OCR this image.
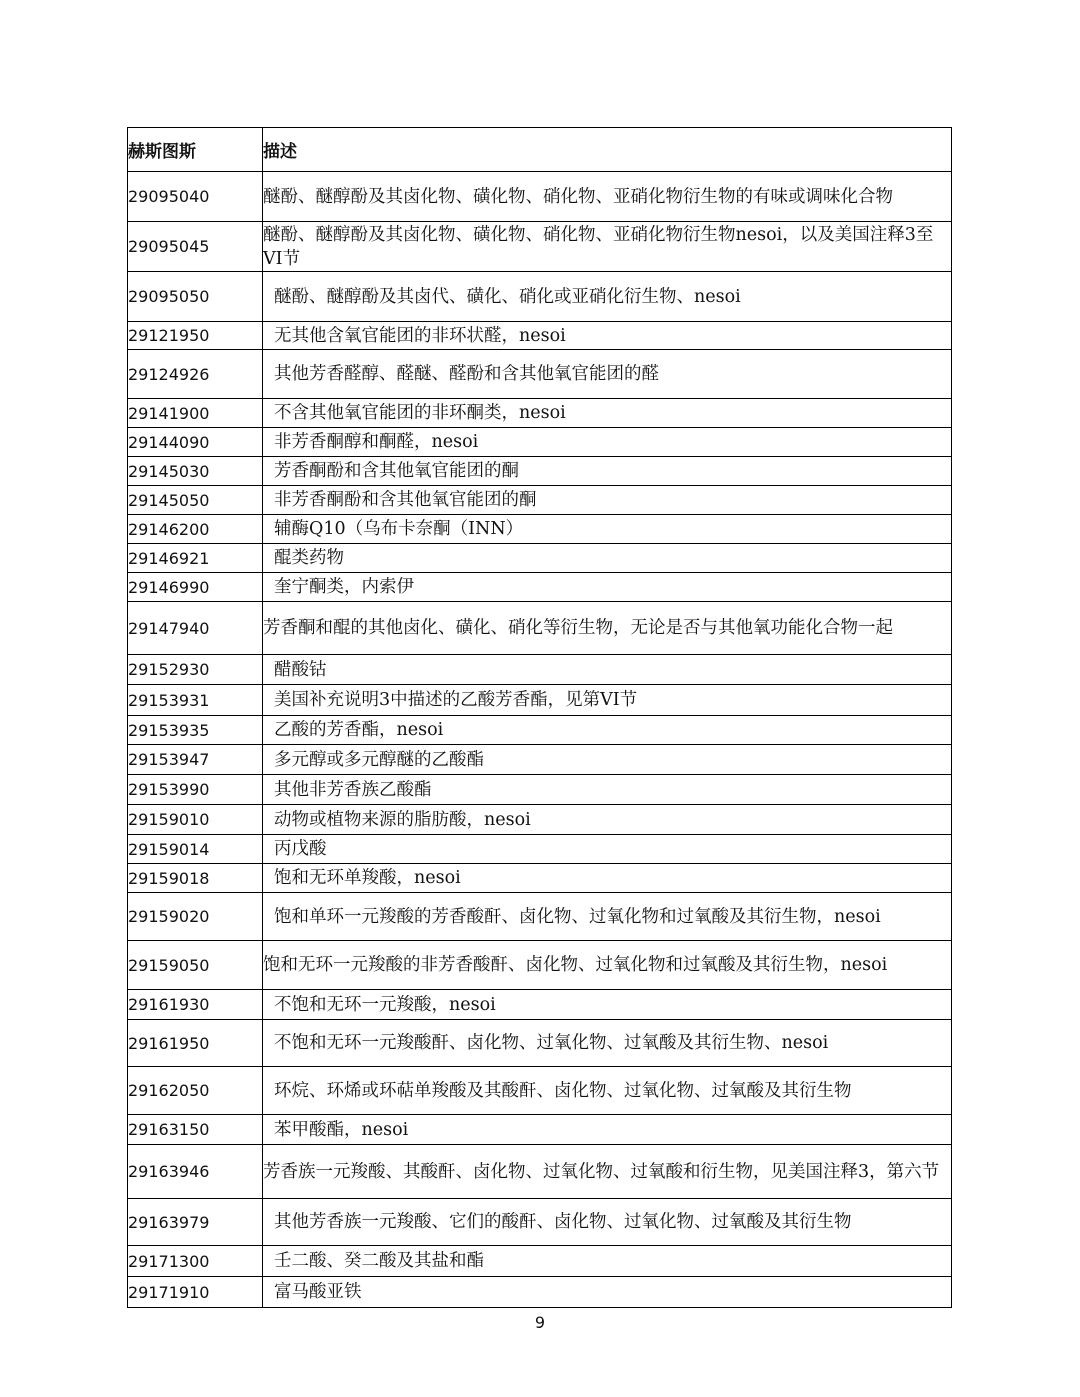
赫斯图斯	描述
29095040	醚酚、醚醇酚及其卤化物、磺化物、硝化物、亚硝化物衍生物的有味或调味化合物
29095045	醚酚、醚醇酚及其卤化物、磺化物、硝化物、亚硝化物衍生物nesoi，以及美国注释3至VI节
29095050	醚酚、醚醇酚及其卤代、磺化、硝化或亚硝化衍生物、nesoi
29121950	无其他含氧官能团的非环状醛，nesoi
29124926	其他芳香醛醇、醛醚、醛酚和含其他氧官能团的醛
29141900	不含其他氧官能团的非环酮类，nesoi
29144090	非芳香酮醇和酮醛，nesoi
29145030	芳香酮酚和含其他氧官能团的酮
29145050	非芳香酮酚和含其他氧官能团的酮
29146200	辅酶Q10（乌布卡奈酮（INN）
29146921	醌类药物
29146990	奎宁酮类，内索伊
29147940	芳香酮和醌的其他卤化、磺化、硝化等衍生物，无论是否与其他氧功能化合物一起
29152930	醋酸钴
29153931	美国补充说明3中描述的乙酸芳香酯，见第VI节
29153935	乙酸的芳香酯，nesoi
29153947	多元醇或多元醇醚的乙酸酯
29153990	其他非芳香族乙酸酯
29159010	动物或植物来源的脂肪酸，nesoi
29159014	丙戊酸
29159018	饱和无环单羧酸，nesoi
29159020	饱和单环一元羧酸的芳香酸酐、卤化物、过氧化物和过氧酸及其衍生物，nesoi
29159050	饱和无环一元羧酸的非芳香酸酐、卤化物、过氧化物和过氧酸及其衍生物，nesoi
29161930	不饱和无环一元羧酸，nesoi
29161950	不饱和无环一元羧酸酐、卤化物、过氧化物、过氧酸及其衍生物、nesoi
29162050	环烷、环烯或环萜单羧酸及其酸酐、卤化物、过氧化物、过氧酸及其衍生物
29163150	苯甲酸酯，nesoi
29163946	芳香族一元羧酸、其酸酐、卤化物、过氧化物、过氧酸和衍生物，见美国注释3，第六节
29163979	其他芳香族一元羧酸、它们的酸酐、卤化物、过氧化物、过氧酸及其衍生物
29171300	壬二酸、癸二酸及其盐和酯
29171910	富马酸亚铁
9
